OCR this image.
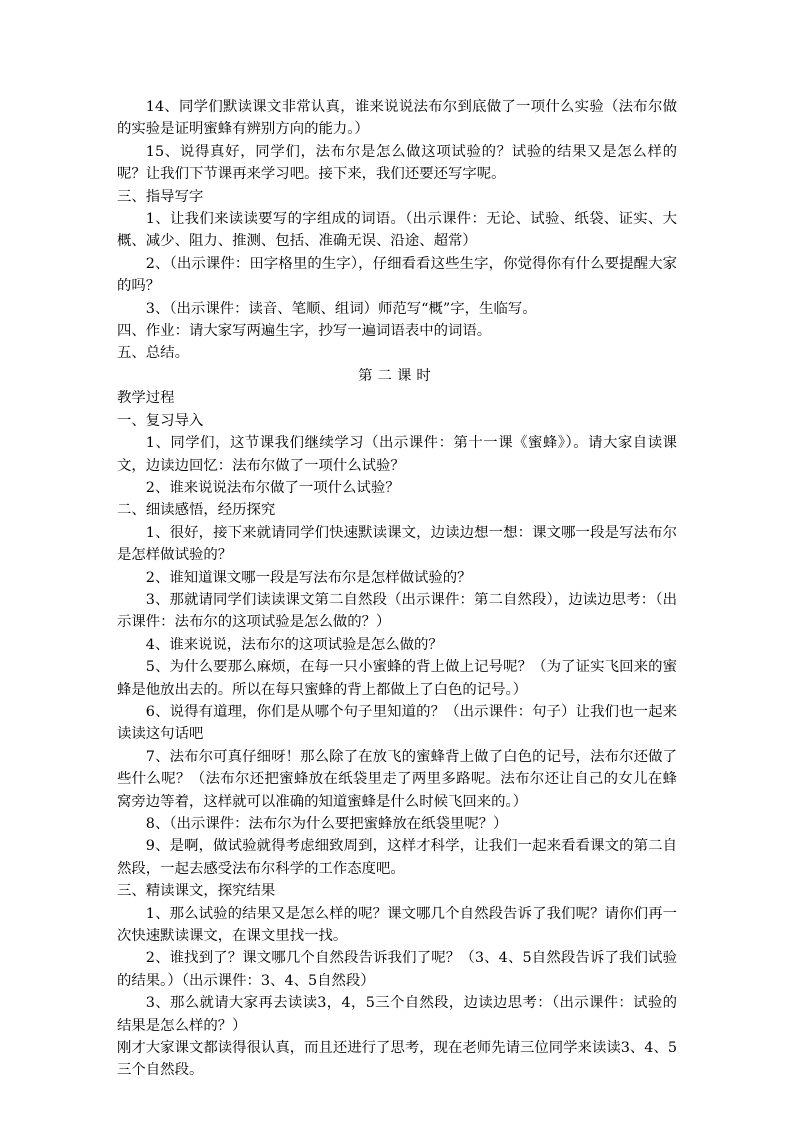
14、同学们默读课文非常认真，谁来说说法布尔到底做了一项什么实验（法布尔做的实验是证明蜜蜂有辨别方向的能力。）

15、说得真好，同学们，法布尔是怎么做这项试验的？试验的结果又是怎么样的呢？让我们下节课再来学习吧。接下来，我们还要还写字呢。

三、指导写字

1、让我们来读读要写的字组成的词语。（出示课件：无论、试验、纸袋、证实、大概、减少、阻力、推测、包括、准确无误、沿途、超常）

2、（出示课件：田字格里的生字），仔细看看这些生字，你觉得你有什么要提醒大家的吗？

3、（出示课件：读音、笔顺、组词）师范写“概”字，生临写。

四、作业：请大家写两遍生字，抄写一遍词语表中的词语。

五、总结。

第二课时

教学过程

一、复习导入

1、同学们，这节课我们继续学习（出示课件：第十一课《蜜蜂》）。请大家自读课文，边读边回忆：法布尔做了一项什么试验？

2、谁来说说法布尔做了一项什么试验？

二、细读感悟，经历探究

1、很好，接下来就请同学们快速默读课文，边读边想一想：课文哪一段是写法布尔是怎样做试验的？

2、谁知道课文哪一段是写法布尔是怎样做试验的？

3、那就请同学们读读课文第二自然段（出示课件：第二自然段），边读边思考：（出示课件：法布尔的这项试验是怎么做的？）

4、谁来说说，法布尔的这项试验是怎么做的？

5、为什么要那么麻烦，在每一只小蜜蜂的背上做上记号呢？（为了证实飞回来的蜜蜂是他放出去的。所以在每只蜜蜂的背上都做上了白色的记号。）

6、说得有道理，你们是从哪个句子里知道的？（出示课件：句子）让我们也一起来读读这句话吧

7、法布尔可真仔细呀！那么除了在放飞的蜜蜂背上做了白色的记号，法布尔还做了些什么呢？（法布尔还把蜜蜂放在纸袋里走了两里多路呢。法布尔还让自己的女儿在蜂窝旁边等着，这样就可以准确的知道蜜蜂是什么时候飞回来的。）

8、（出示课件：法布尔为什么要把蜜蜂放在纸袋里呢？）

9、是啊，做试验就得考虑细致周到，这样才科学，让我们一起来看看课文的第二自然段，一起去感受法布尔科学的工作态度吧。

三、精读课文，探究结果

1、那么试验的结果又是怎么样的呢？课文哪几个自然段告诉了我们呢？请你们再一次快速默读课文，在课文里找一找。

2、谁找到了？课文哪几个自然段告诉我们了呢？（3、4、5自然段告诉了我们试验的结果。）（出示课件：3、4、5自然段）

3、那么就请大家再去读读3，4，5三个自然段，边读边思考：（出示课件：试验的结果是怎么样的？）

刚才大家课文都读得很认真，而且还进行了思考，现在老师先请三位同学来读读3、4、5三个自然段。
